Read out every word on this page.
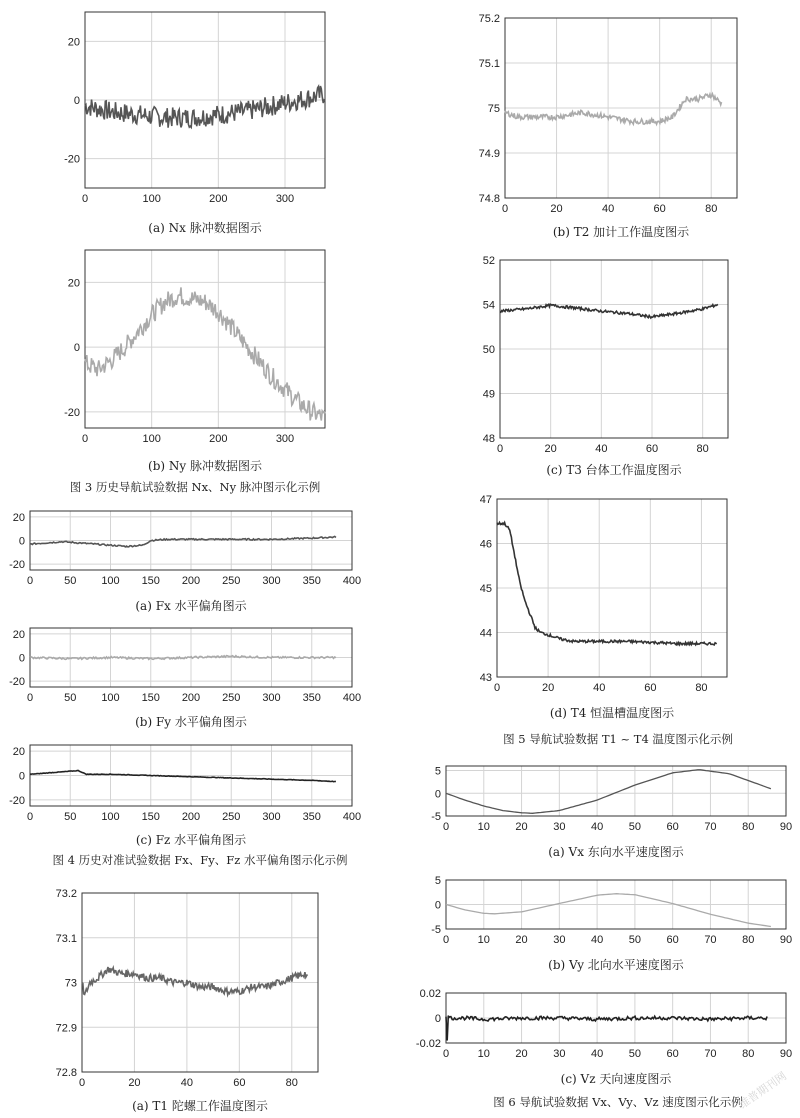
0	100	200	300
20
0
-20
(a) Nx 脉冲数据图示
0	100	200	300
20
0
-20
(b) Ny 脉冲数据图示
0	50 100 150 200 250 300 350 400
20
0
-20
(a) Fx 水平偏角图示
0	50 100 150 200 250 300 350 400
20
0
-20
(b) Fy 水平偏角图示
0	50 100 150 200 250 300 350 400
20
0
-20
(c) Fz 水平偏角图示
0	20	40	60	80
73.2
73.1
73
72.9
72.8
(a) T1 陀螺工作温度图示
0	20	40	60	80
75.2
75.1
75
74.9
74.8
(b) T2 加计工作温度图示
0	20	40	60	80
52
54
50
49
48
(c) T3 台体工作温度图示
0	20	40	60	80
47
46
45
44
43
(d) T4 恒温槽温度图示
0	10 20 30 40 50 60 70 80 90
5
0
-5
(a) Vx 东向水平速度图示
0	10 20 30 40 50 60 70 80 90
5
0
-5
(b) Vy 北向水平速度图示
0	10 20 30 40 50 60 70 80 90
0.02
0
-0.02
(c) Vz 天向速度图示
图 3 历史导航试验数据 Nx、Ny 脉冲图示化示例
图 4 历史对准试验数据 Fx、Fy、Fz 水平偏角图示化示例
图 5 导航试验数据 T1 ~ T4 温度图示化示例
图 6 导航试验数据 Vx、Vy、Vz 速度图示化示例
维普期刊网
